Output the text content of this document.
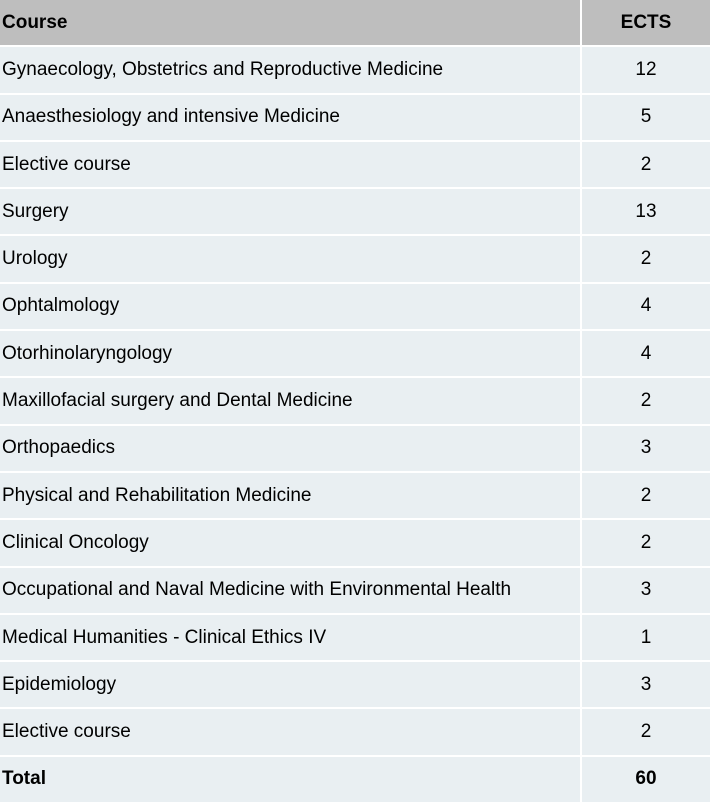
Course	ECTS
Gynaecology, Obstetrics and Reproductive Medicine	12
Anaesthesiology and intensive Medicine	5
Elective course	2
Surgery	13
Urology	2
Ophtalmology	4
Otorhinolaryngology	4
Maxillofacial surgery and Dental Medicine	2
Orthopaedics	3
Physical and Rehabilitation Medicine	2
Clinical Oncology	2
Occupational and Naval Medicine with Environmental Health	3
Medical Humanities - Clinical Ethics IV	1
Epidemiology	3
Elective course	2
Total	60
